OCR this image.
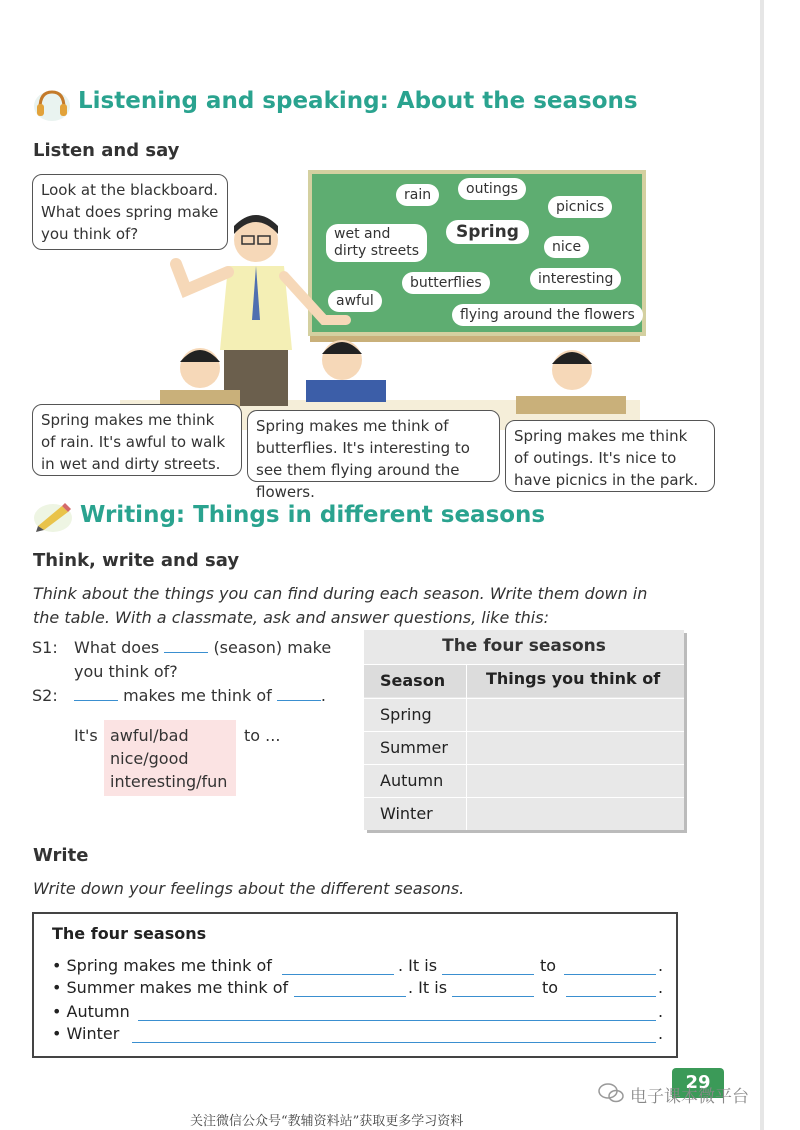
Listening and speaking: About the seasons
Listen and say
rain	outings
picnics
wet and
dirty streets
Spring
nice
butterflies	interesting
awful
flying around the flowers
Look at the blackboard. What does spring make you think of?
Spring makes me think of rain. It's awful to walk in wet and dirty streets.
Spring makes me think of butterflies. It's interesting to see them flying around the flowers.
Spring makes me think of outings. It's nice to have picnics in the park.
Writing: Things in different seasons
Think, write and say
Think about the things you can find during each season. Write them down in the table. With a classmate, ask and answer questions, like this:
S1: What does	(season) make
you think of?
S2:	makes me think of	.
It's awful/bad
nice/good
interesting/fun
to ...
The four seasons
Season	Things you think of
Spring
Summer
Autumn
Winter
Write
Write down your feelings about the different seasons.
The four seasons
• Spring makes me think of	. It is	to	.
• Summer makes me think of	. It is	to	.
• Autumn	.
• Winter	.
29
电子课本微平台
关注微信公众号“教辅资料站”获取更多学习资料
